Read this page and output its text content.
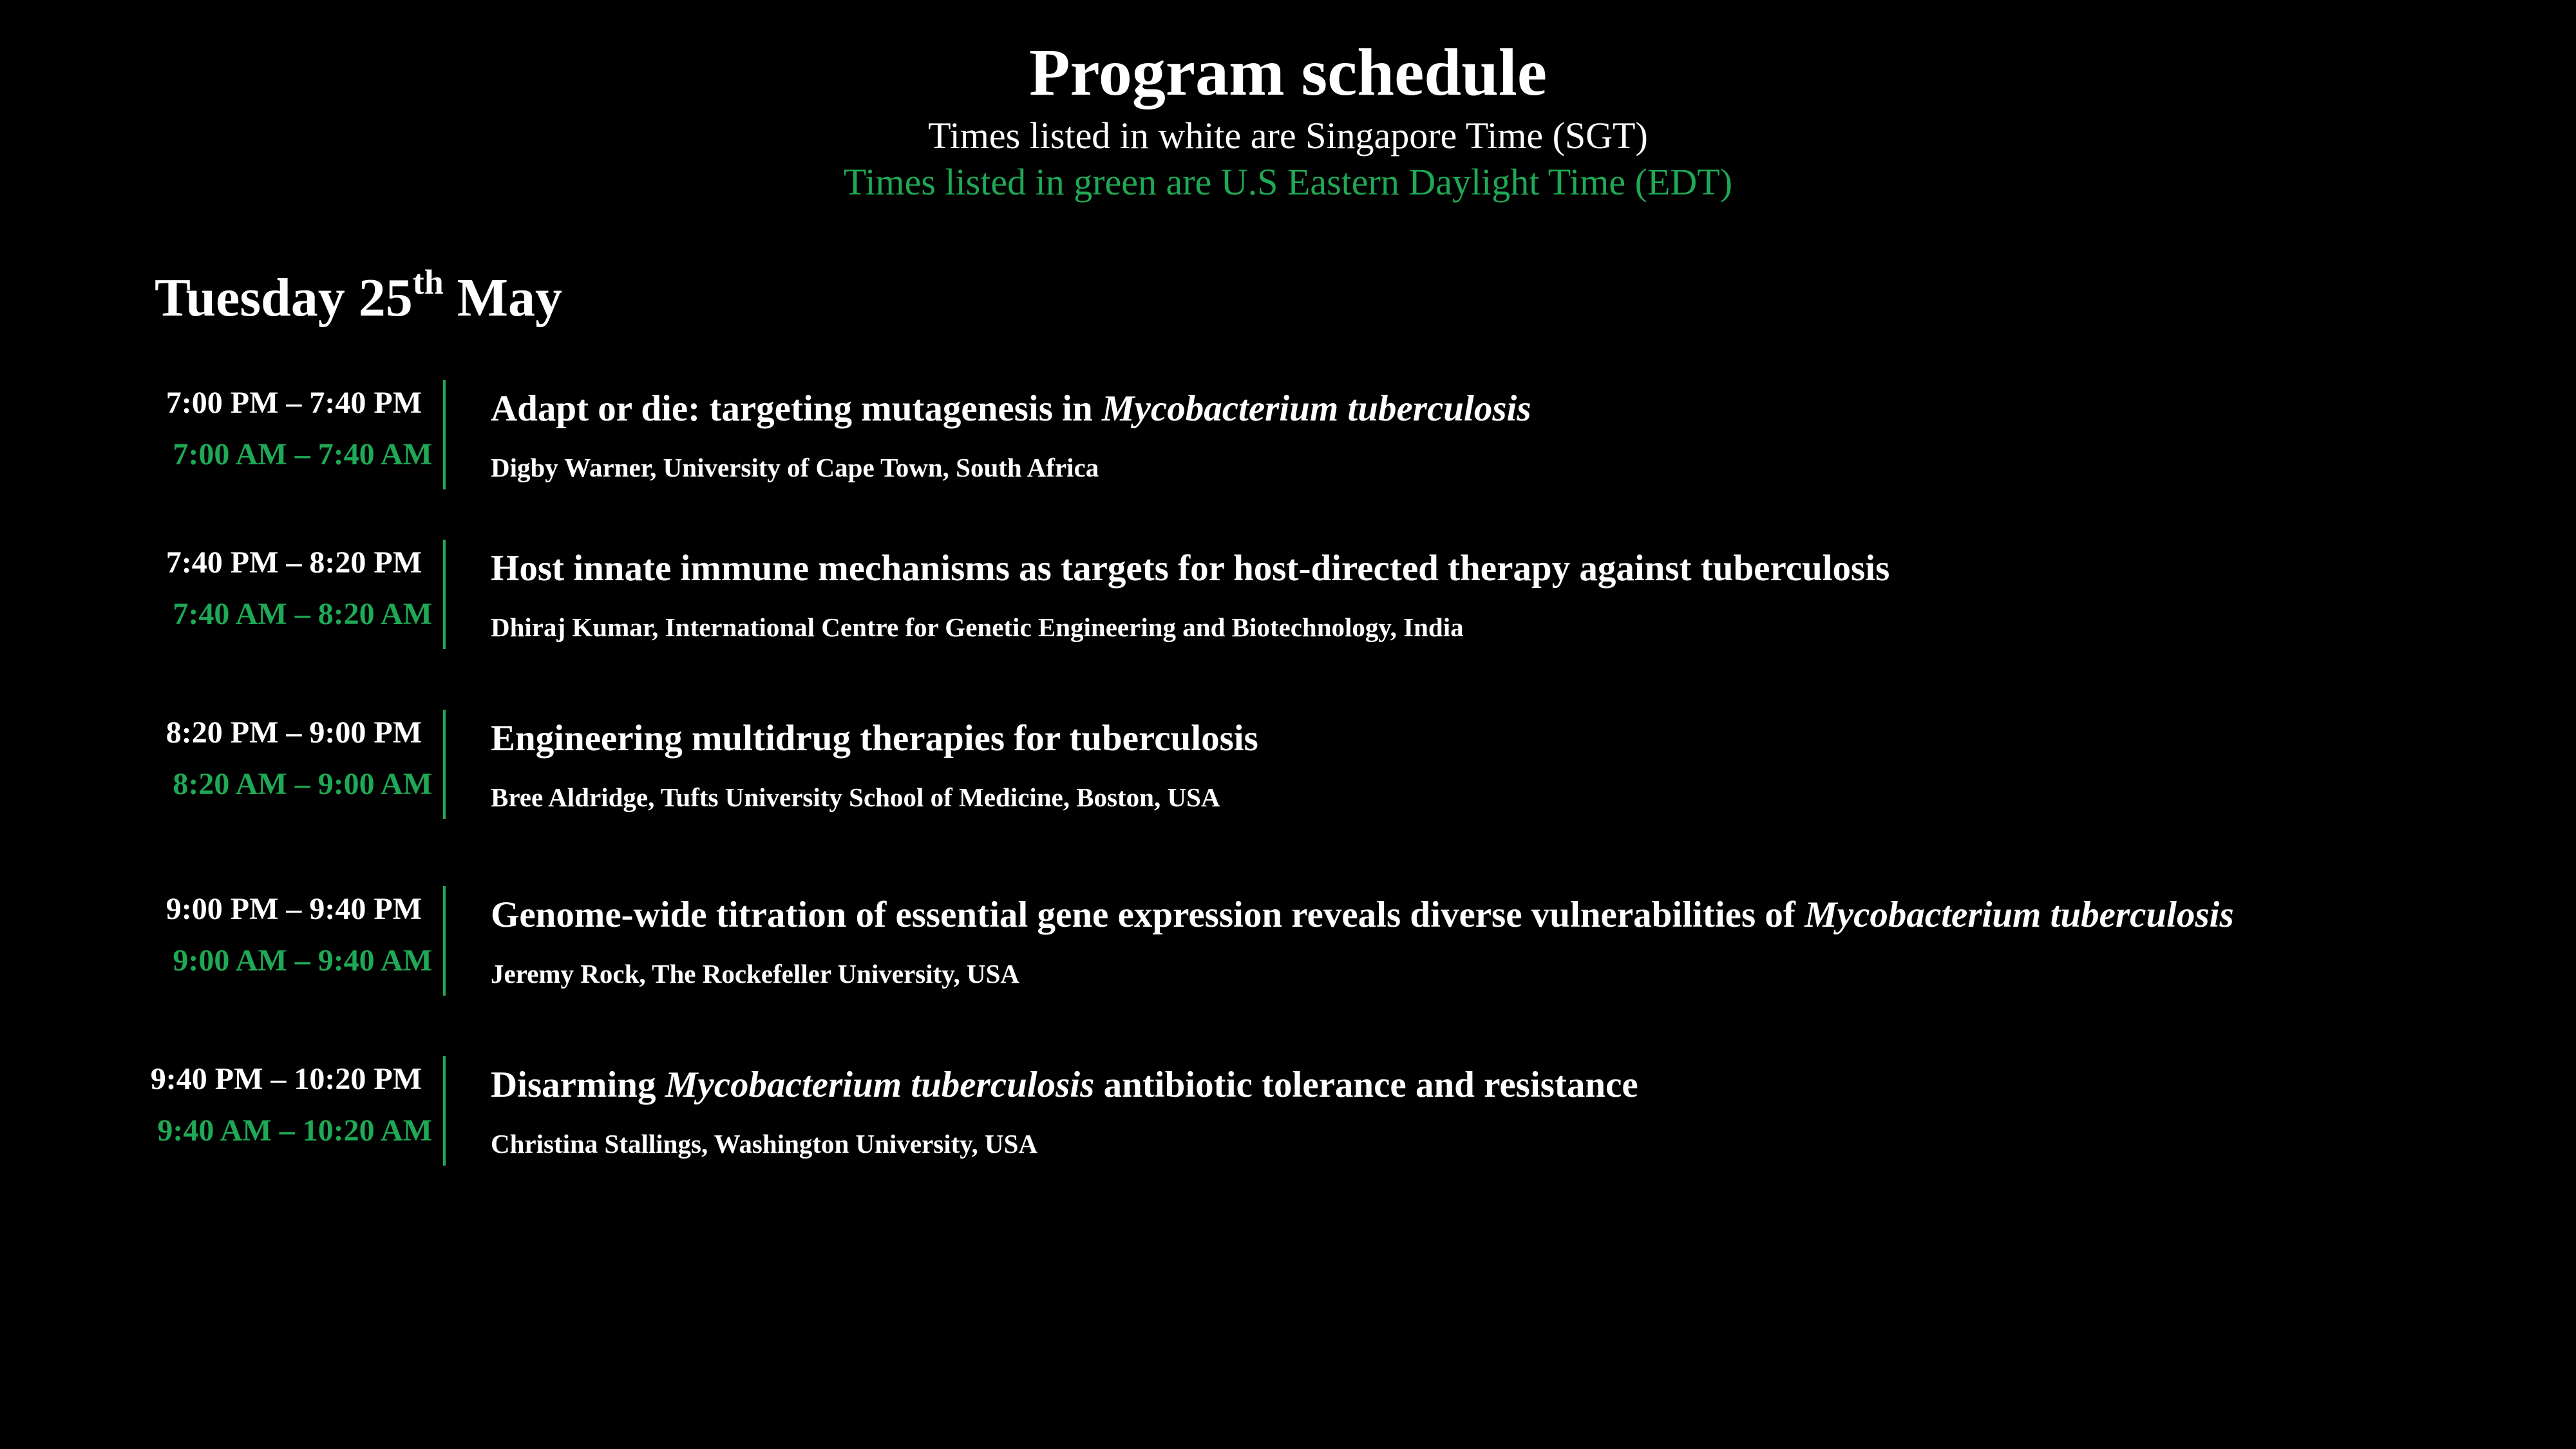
Program schedule
Times listed in white are Singapore Time (SGT)
Times listed in green are U.S Eastern Daylight Time (EDT)
Tuesday 25th May
7:00 PM – 7:40 PM
7:00 AM – 7:40 AM
Adapt or die: targeting mutagenesis in Mycobacterium tuberculosis
Digby Warner, University of Cape Town, South Africa
7:40 PM – 8:20 PM
7:40 AM – 8:20 AM
Host innate immune mechanisms as targets for host-directed therapy against tuberculosis
Dhiraj Kumar, International Centre for Genetic Engineering and Biotechnology, India
8:20 PM – 9:00 PM
8:20 AM – 9:00 AM
Engineering multidrug therapies for tuberculosis
Bree Aldridge, Tufts University School of Medicine, Boston, USA
9:00 PM – 9:40 PM
9:00 AM – 9:40 AM
Genome-wide titration of essential gene expression reveals diverse vulnerabilities of Mycobacterium tuberculosis
Jeremy Rock, The Rockefeller University, USA
9:40 PM – 10:20 PM
9:40 AM – 10:20 AM
Disarming Mycobacterium tuberculosis antibiotic tolerance and resistance
Christina Stallings, Washington University, USA
